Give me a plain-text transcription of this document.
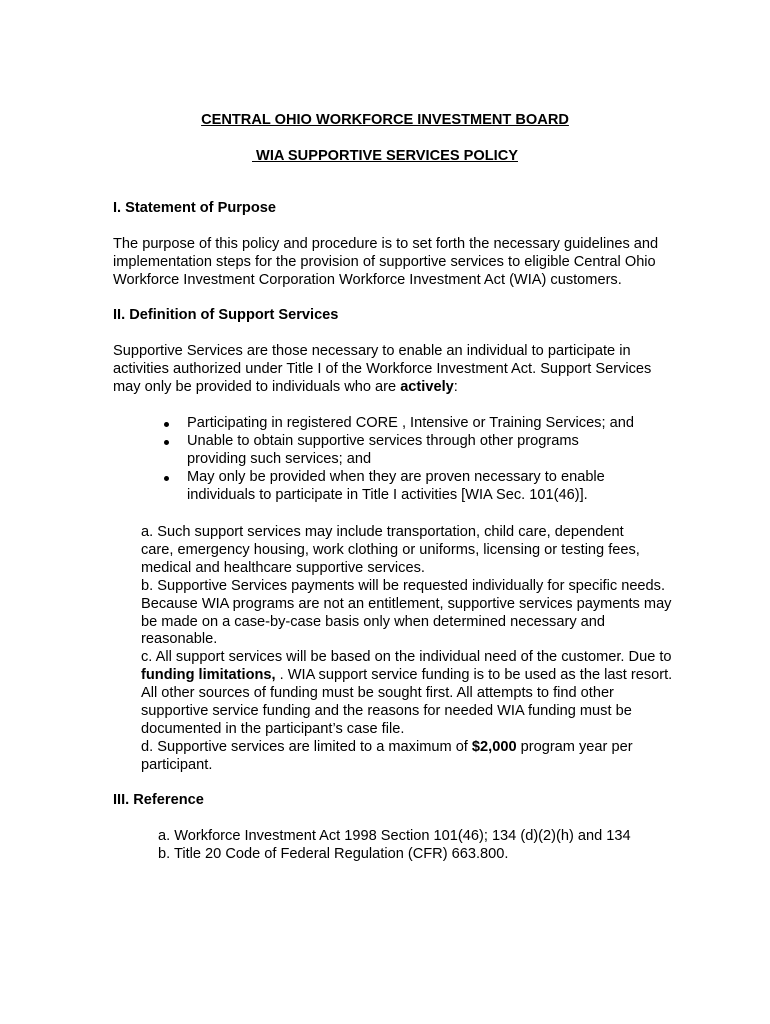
CENTRAL OHIO WORKFORCE INVESTMENT BOARD
WIA SUPPORTIVE SERVICES POLICY
I. Statement of Purpose

The purpose of this policy and procedure is to set forth the necessary guidelines and
implementation steps for the provision of supportive services to eligible Central Ohio
Workforce Investment Corporation Workforce Investment Act (WIA) customers.

II. Definition of Support Services

Supportive Services are those necessary to enable an individual to participate in
activities authorized under Title I of the Workforce Investment Act. Support Services
may only be provided to individuals who are actively:

Participating in registered CORE , Intensive or Training Services; and
Unable to obtain supportive services through other programs
providing such services; and
May only be provided when they are proven necessary to enable
individuals to participate in Title I activities [WIA Sec. 101(46)].
a. Such support services may include transportation, child care, dependent
care, emergency housing, work clothing or uniforms, licensing or testing fees,
medical and healthcare supportive services.
b. Supportive Services payments will be requested individually for specific needs.
Because WIA programs are not an entitlement, supportive services payments may
be made on a case-by-case basis only when determined necessary and
reasonable.
c. All support services will be based on the individual need of the customer. Due to
funding limitations, . WIA support service funding is to be used as the last resort.
All other sources of funding must be sought first. All attempts to find other
supportive service funding and the reasons for needed WIA funding must be
documented in the participant’s case file.
d. Supportive services are limited to a maximum of $2,000 program year per
participant.
III. Reference
a. Workforce Investment Act 1998 Section 101(46); 134 (d)(2)(h) and 134
b. Title 20 Code of Federal Regulation (CFR) 663.800.
